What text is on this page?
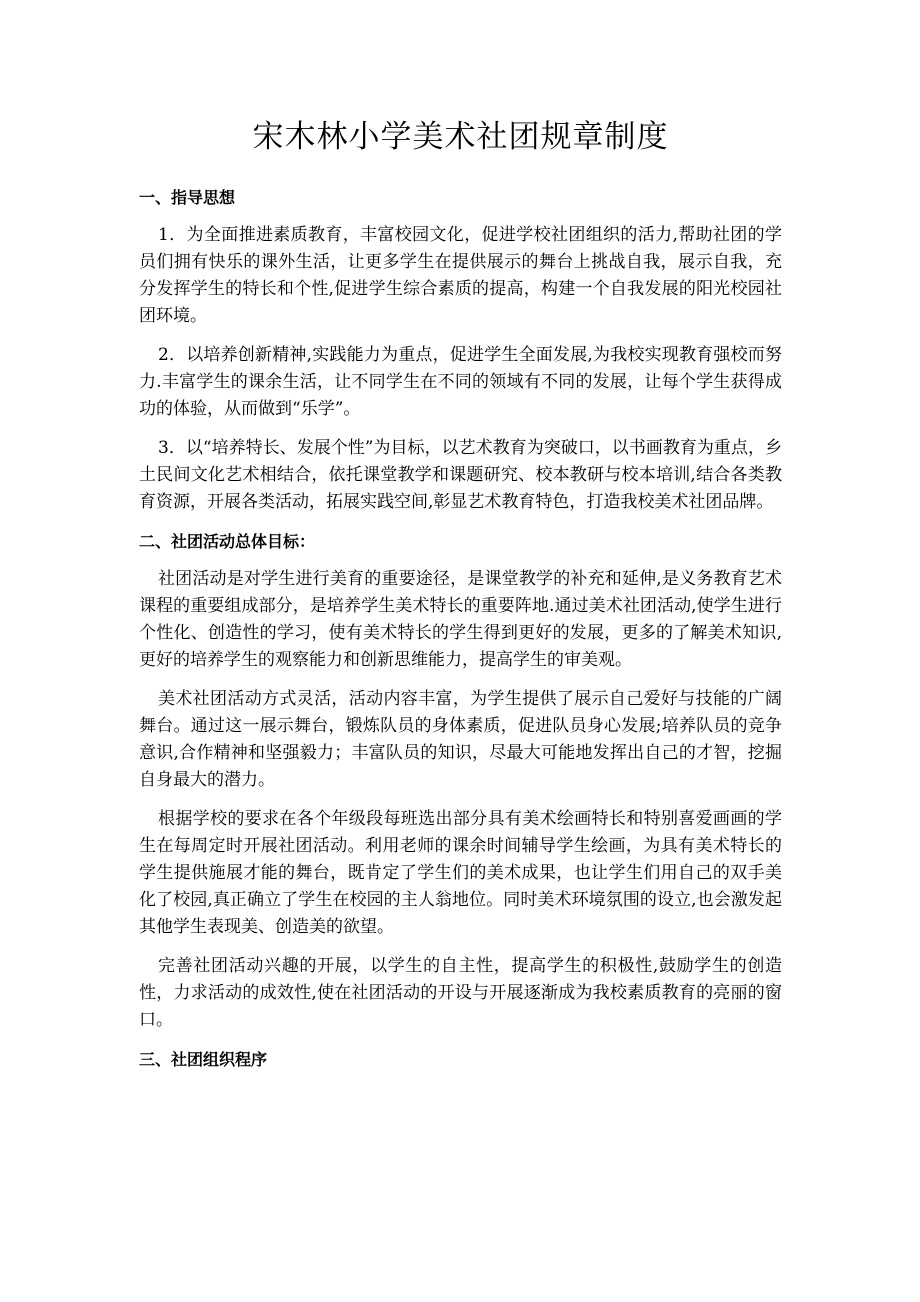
宋木林小学美术社团规章制度
一、指导思想

1．为全面推进素质教育，丰富校园文化，促进学校社团组织的活力,帮助社团的学员们拥有快乐的课外生活，让更多学生在提供展示的舞台上挑战自我，展示自我，充分发挥学生的特长和个性,促进学生综合素质的提高，构建一个自我发展的阳光校园社团环境。

2．以培养创新精神,实践能力为重点，促进学生全面发展,为我校实现教育强校而努力.丰富学生的课余生活，让不同学生在不同的领域有不同的发展，让每个学生获得成功的体验，从而做到“乐学”。

3．以“培养特长、发展个性”为目标，以艺术教育为突破口，以书画教育为重点，乡土民间文化艺术相结合，依托课堂教学和课题研究、校本教研与校本培训,结合各类教育资源，开展各类活动，拓展实践空间,彰显艺术教育特色，打造我校美术社团品牌。

二、社团活动总体目标：

社团活动是对学生进行美育的重要途径，是课堂教学的补充和延伸,是义务教育艺术课程的重要组成部分，是培养学生美术特长的重要阵地.通过美术社团活动,使学生进行个性化、创造性的学习，使有美术特长的学生得到更好的发展，更多的了解美术知识,更好的培养学生的观察能力和创新思维能力，提高学生的审美观。

美术社团活动方式灵活，活动内容丰富，为学生提供了展示自己爱好与技能的广阔舞台。通过这一展示舞台，锻炼队员的身体素质，促进队员身心发展;培养队员的竞争意识,合作精神和坚强毅力；丰富队员的知识，尽最大可能地发挥出自己的才智，挖掘自身最大的潜力。

根据学校的要求在各个年级段每班选出部分具有美术绘画特长和特别喜爱画画的学生在每周定时开展社团活动。利用老师的课余时间辅导学生绘画，为具有美术特长的学生提供施展才能的舞台，既肯定了学生们的美术成果，也让学生们用自己的双手美化了校园,真正确立了学生在校园的主人翁地位。同时美术环境氛围的设立,也会激发起其他学生表现美、创造美的欲望。

完善社团活动兴趣的开展，以学生的自主性，提高学生的积极性,鼓励学生的创造性，力求活动的成效性,使在社团活动的开设与开展逐渐成为我校素质教育的亮丽的窗口。

三、社团组织程序
